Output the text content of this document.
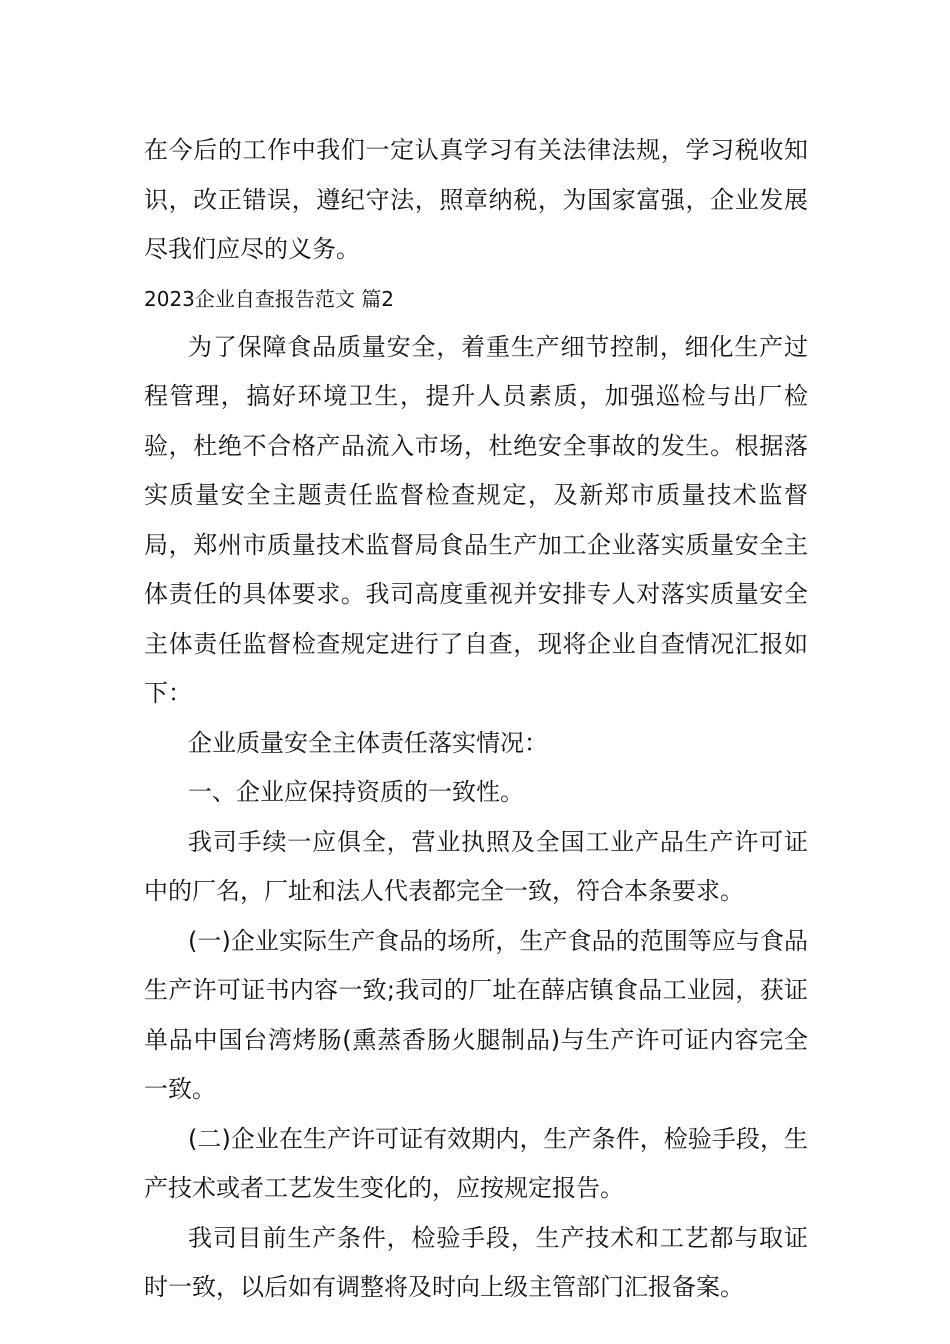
在今后的工作中我们一定认真学习有关法律法规，学习税收知识，改正错误，遵纪守法，照章纳税，为国家富强，企业发展尽我们应尽的义务。

2023企业自查报告范文 篇2

为了保障食品质量安全，着重生产细节控制，细化生产过程管理，搞好环境卫生，提升人员素质，加强巡检与出厂检验，杜绝不合格产品流入市场，杜绝安全事故的发生。根据落实质量安全主题责任监督检查规定，及新郑市质量技术监督局，郑州市质量技术监督局食品生产加工企业落实质量安全主体责任的具体要求。我司高度重视并安排专人对落实质量安全主体责任监督检查规定进行了自查，现将企业自查情况汇报如下：

企业质量安全主体责任落实情况：

一、企业应保持资质的一致性。

我司手续一应俱全，营业执照及全国工业产品生产许可证中的厂名，厂址和法人代表都完全一致，符合本条要求。

(一)企业实际生产食品的场所，生产食品的范围等应与食品生产许可证书内容一致;我司的厂址在薛店镇食品工业园，获证单品中国台湾烤肠(熏蒸香肠火腿制品)与生产许可证内容完全一致。

(二)企业在生产许可证有效期内，生产条件，检验手段，生产技术或者工艺发生变化的，应按规定报告。

我司目前生产条件，检验手段，生产技术和工艺都与取证时一致，以后如有调整将及时向上级主管部门汇报备案。
